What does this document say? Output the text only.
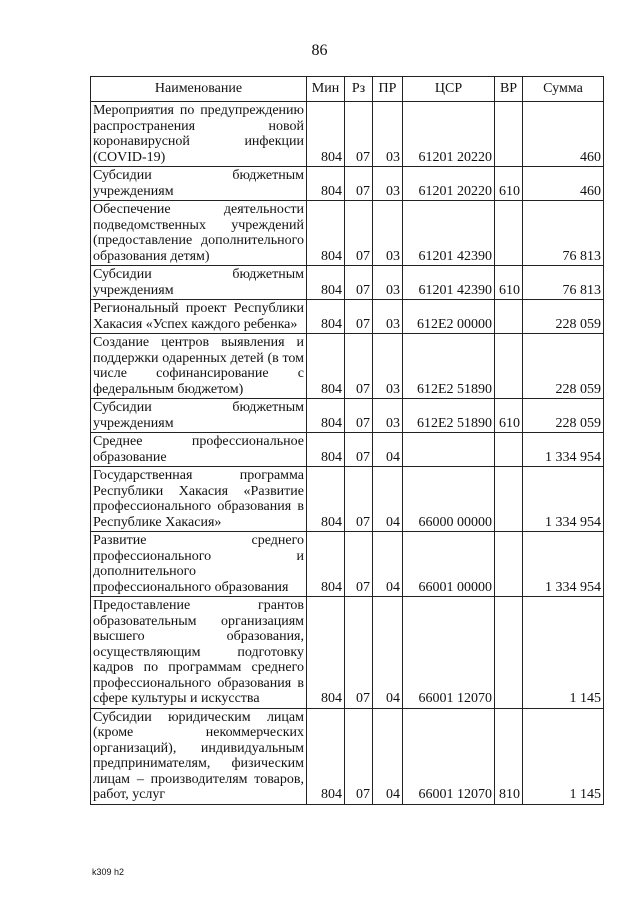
86
Наименование	Мин	Рз	ПР	ЦСР	ВР	Сумма
Мероприятия по предупреждению распространения новой коронавирусной инфекции (COVID-19)	804	07	03	61201 20220		460
Субсидии бюджетным учреждениям	804	07	03	61201 20220	610	460
Обеспечение деятельности подведомственных учреждений (предоставление дополнительного образования детям)	804	07	03	61201 42390		76 813
Субсидии бюджетным учреждениям	804	07	03	61201 42390	610	76 813
Региональный проект Республики Хакасия «Успех каждого ребенка»	804	07	03	612E2 00000		228 059
Создание центров выявления и поддержки одаренных детей (в том числе софинансирование с федеральным бюджетом)	804	07	03	612E2 51890		228 059
Субсидии бюджетным учреждениям	804	07	03	612E2 51890	610	228 059
Среднее профессиональное образование	804	07	04			1 334 954
Государственная программа Республики Хакасия «Развитие профессионального образования в Республике Хакасия»	804	07	04	66000 00000		1 334 954
Развитие среднего профессионального и дополнительного профессионального образования	804	07	04	66001 00000		1 334 954
Предоставление грантов образовательным организациям высшего образования, осуществляющим подготовку кадров по программам среднего профессионального образования в сфере культуры и искусства	804	07	04	66001 12070		1 145
Субсидии юридическим лицам (кроме некоммерческих организаций), индивидуальным предпринимателям, физическим лицам – производителям товаров, работ, услуг	804	07	04	66001 12070	810	1 145
k309 h2
